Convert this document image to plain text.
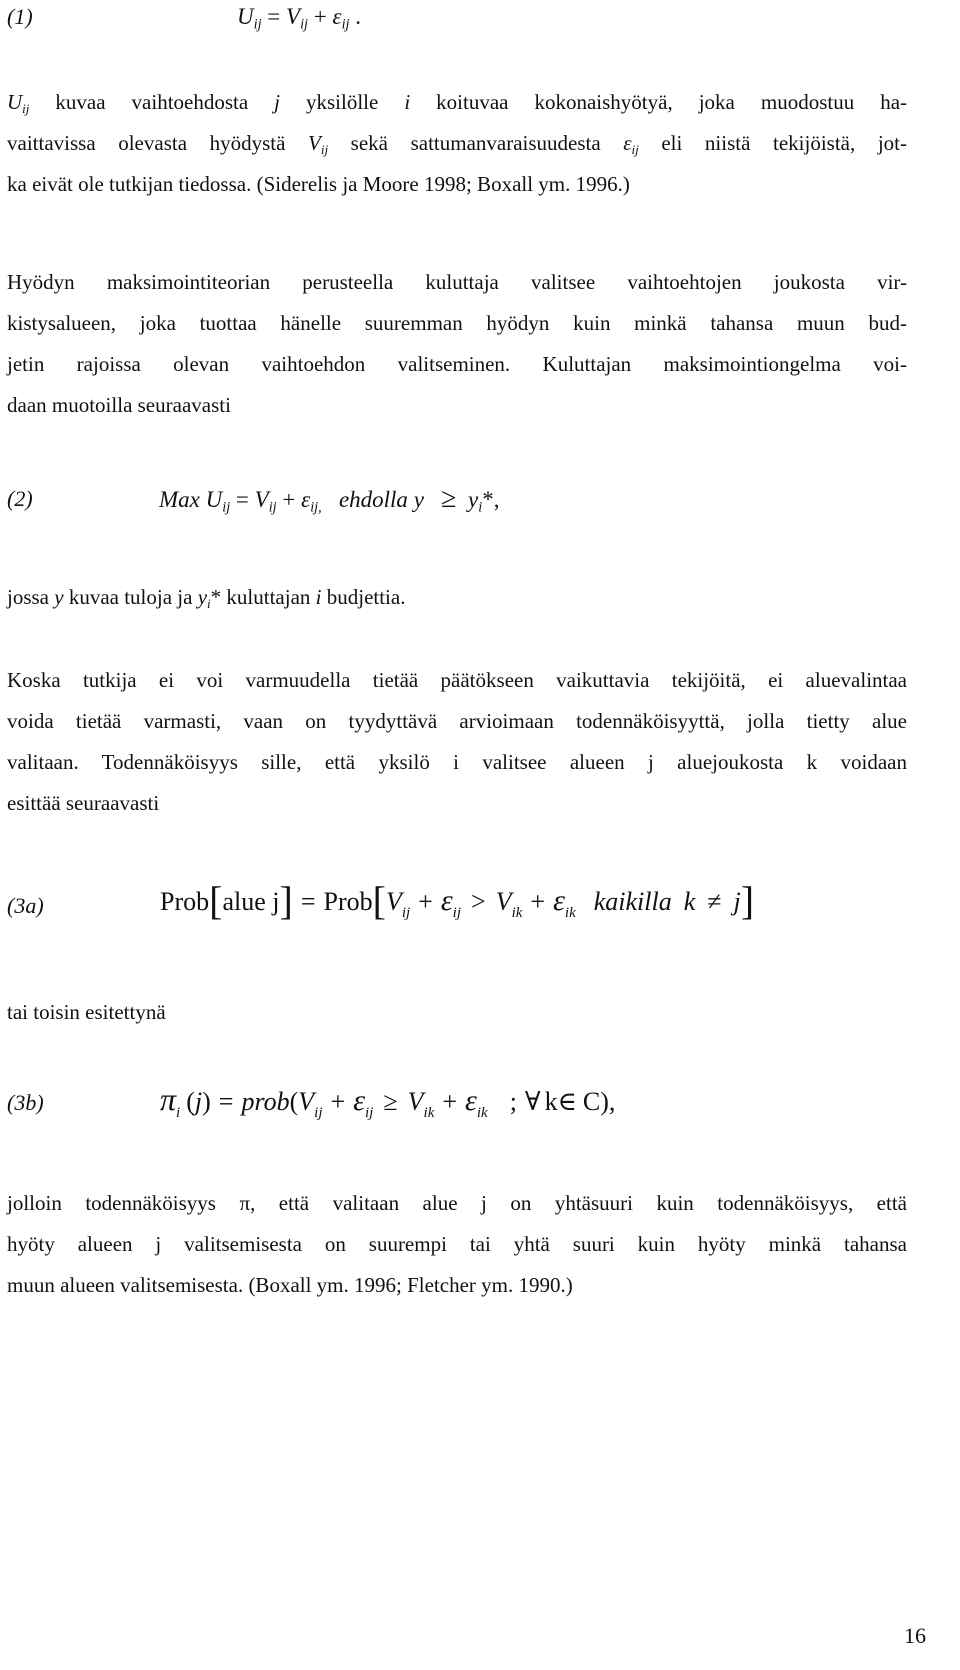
(1)	$U_{ij} = V_{ij} + \varepsilon_{ij}$ .
$U_{ij}$ kuvaa vaihtoehdosta j yksilölle i koituvaa kokonaishyötyä, joka muodostuu ha-
vaittavissa olevasta hyödystä $V_{ij}$ sekä sattumanvaraisuudesta $\varepsilon_{ij}$ eli niistä tekijöistä, jot-
ka eivät ole tutkijan tiedossa. (Siderelis ja Moore 1998; Boxall ym. 1996.)
Hyödyn maksimointiteorian perusteella kuluttaja valitsee vaihtoehtojen joukosta vir-
kistysalueen, joka tuottaa hänelle suuremman hyödyn kuin minkä tahansa muun bud-
jetin rajoissa olevan vaihtoehdon valitseminen. Kuluttajan maksimointiongelma voi-
daan muotoilla seuraavasti
(2)	Max $U_{ij} = V_{ij} + \varepsilon_{ij,}$ ehdolla $y \ge y_i*$,
jossa y kuvaa tuloja ja $y_i*$ kuluttajan i budjettia.
Koska tutkija ei voi varmuudella tietää päätökseen vaikuttavia tekijöitä, ei aluevalintaa
voida tietää varmasti, vaan on tyydyttävä arvioimaan todennäköisyyttä, jolla tietty alue
valitaan. Todennäköisyys sille, että yksilö i valitsee alueen j aluejoukosta k voidaan
esittää seuraavasti
(3a)	Prob[alue $j] = Prob[V_{ij} + \varepsilon_{ij} > V_{ik} + \varepsilon_{ik}$ kaikilla k ≠ j]
tai toisin esitettynä
(3b)	$\pi_i$ $(j) = prob(V_{ij} + \varepsilon_{ij} \ge V_{ik} + \varepsilon_{ik}$ ; ∀ k∈ C),
jolloin todennäköisyys π, että valitaan alue j on yhtäsuuri kuin todennäköisyys, että
hyöty alueen j valitsemisesta on suurempi tai yhtä suuri kuin hyöty minkä tahansa
muun alueen valitsemisesta. (Boxall ym. 1996; Fletcher ym. 1990.)
16
